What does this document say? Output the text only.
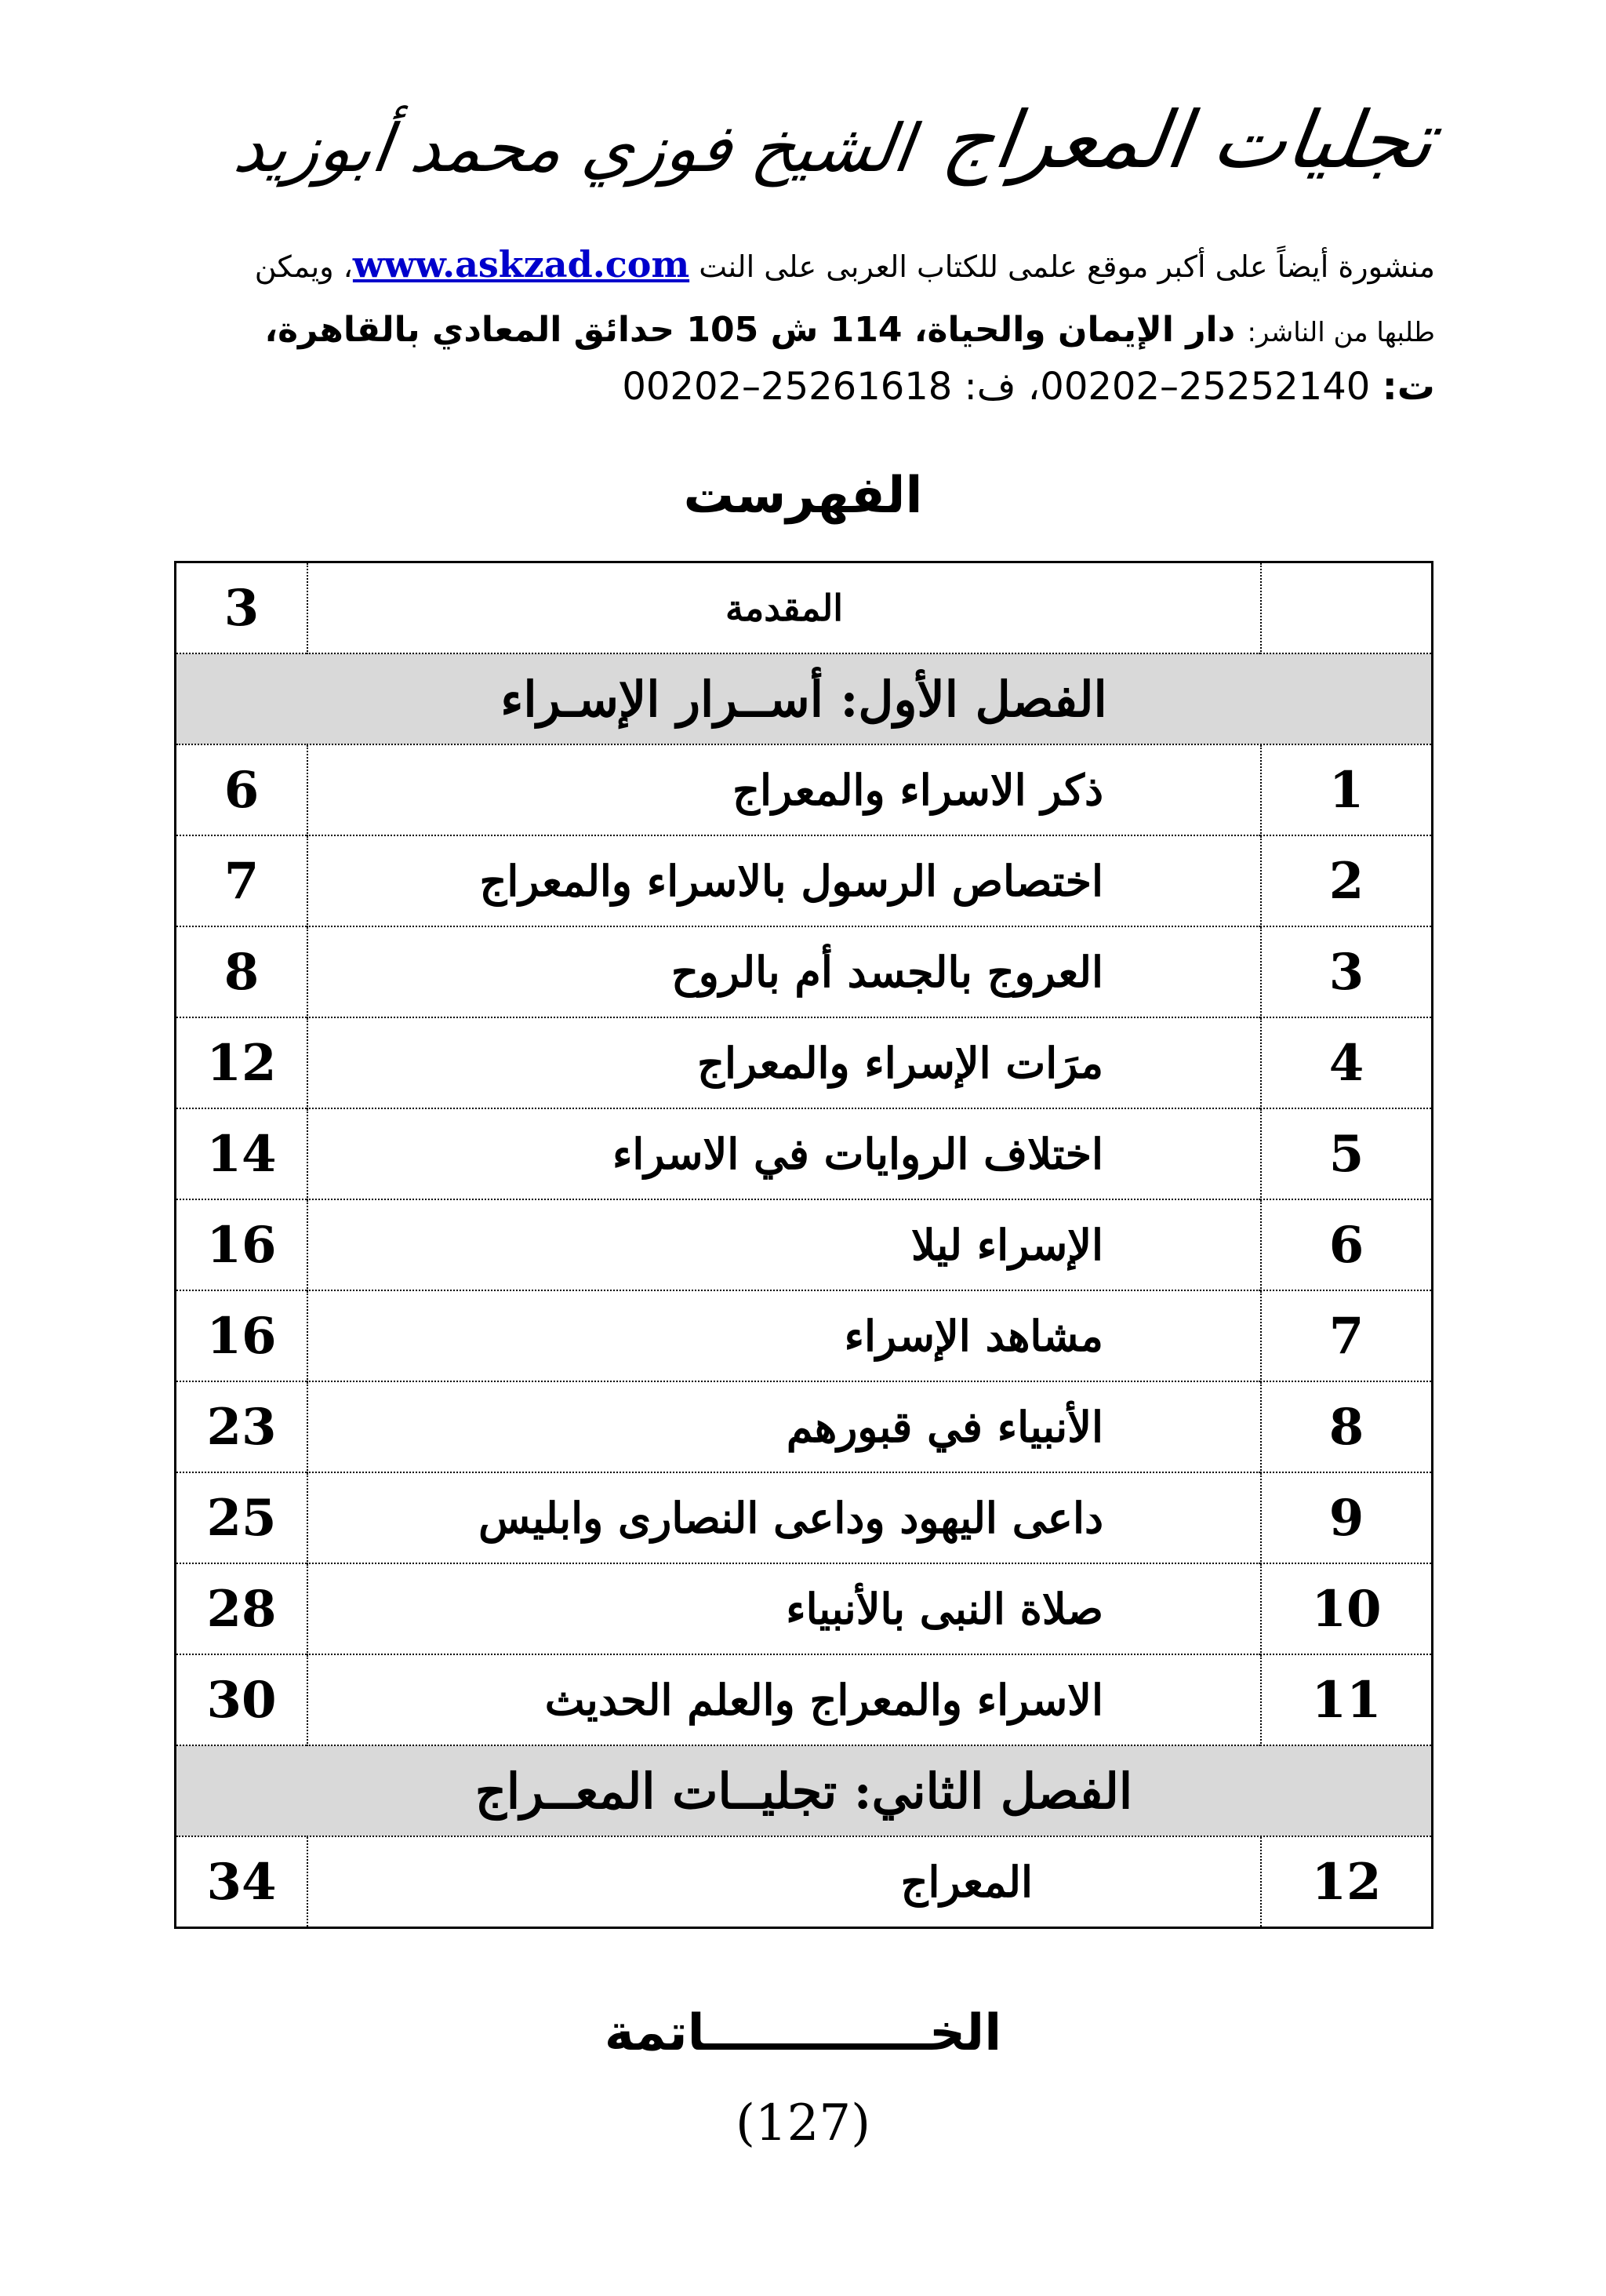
الشيخ فوزي محمد أبوزيد تجليات المعراج
منشورة أيضاً على أكبر موقع علمى للكتاب العربى على النت www.askzad.com، ويمكن
طلبها من الناشر: دار الإيمان والحياة، 114 ش 105 حدائق المعادي بالقاهرة،
ت: 25252140–00202، ف: 25261618–00202
الفهرست
	المقدمة	3
الفصل الأول: أســرار الإسـراء		
1	ذكر الاسراء والمعراج	6
2	اختصاص الرسول بالاسراء والمعراج	7
3	العروج بالجسد أم بالروح	8
4	مرَات الإسراء والمعراج	12
5	اختلاف الروايات في الاسراء	14
6	الإسراء ليلا	16
7	مشاهد الإسراء	16
8	الأنبياء في قبورهم	23
9	داعى اليهود وداعى النصارى وابليس	25
10	صلاة النبى بالأنبياء	28
11	الاسراء والمعراج والعلم الحديث	30
الفصل الثاني: تجليــات المعــراج		
12	المعراج	34
الخـــــــــــــاتمة
(127)
